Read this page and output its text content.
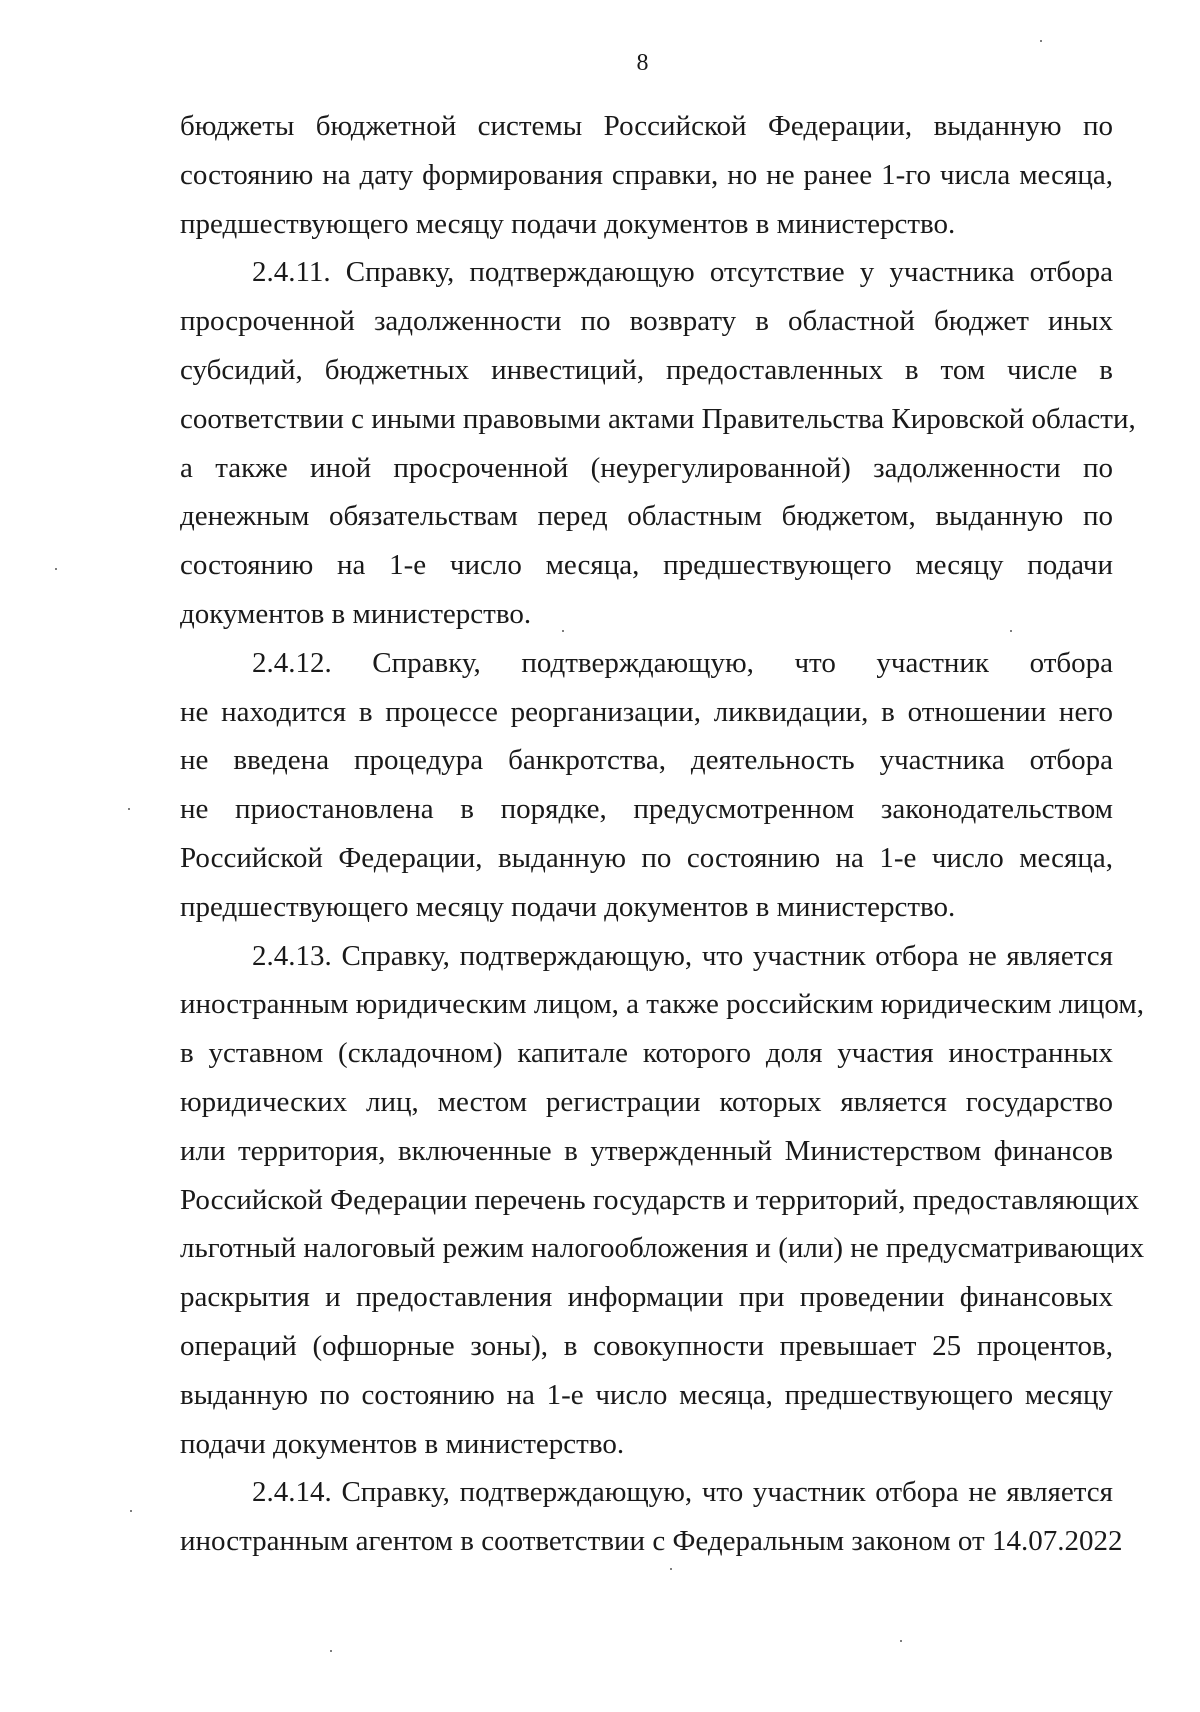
8

бюджеты бюджетной системы Российской Федерации, выданную по
состоянию на дату формирования справки, но не ранее 1-го числа месяца,
предшествующего месяцу подачи документов в министерство.

2.4.11. Справку, подтверждающую отсутствие у участника отбора
просроченной задолженности по возврату в областной бюджет иных
субсидий, бюджетных инвестиций, предоставленных в том числе в
соответствии с иными правовыми актами Правительства Кировской области,
а также иной просроченной (неурегулированной) задолженности по
денежным обязательствам перед областным бюджетом, выданную по
состоянию на 1-е число месяца, предшествующего месяцу подачи
документов в министерство.

2.4.12. Справку, подтверждающую, что участник отбора
не находится в процессе реорганизации, ликвидации, в отношении него
не введена процедура банкротства, деятельность участника отбора
не приостановлена в порядке, предусмотренном законодательством
Российской Федерации, выданную по состоянию на 1-е число месяца,
предшествующего месяцу подачи документов в министерство.

2.4.13. Справку, подтверждающую, что участник отбора не является
иностранным юридическим лицом, а также российским юридическим лицом,
в уставном (складочном) капитале которого доля участия иностранных
юридических лиц, местом регистрации которых является государство
или территория, включенные в утвержденный Министерством финансов
Российской Федерации перечень государств и территорий, предоставляющих
льготный налоговый режим налогообложения и (или) не предусматривающих
раскрытия и предоставления информации при проведении финансовых
операций (офшорные зоны), в совокупности превышает 25 процентов,
выданную по состоянию на 1-е число месяца, предшествующего месяцу
подачи документов в министерство.

2.4.14. Справку, подтверждающую, что участник отбора не является
иностранным агентом в соответствии с Федеральным законом от 14.07.2022
